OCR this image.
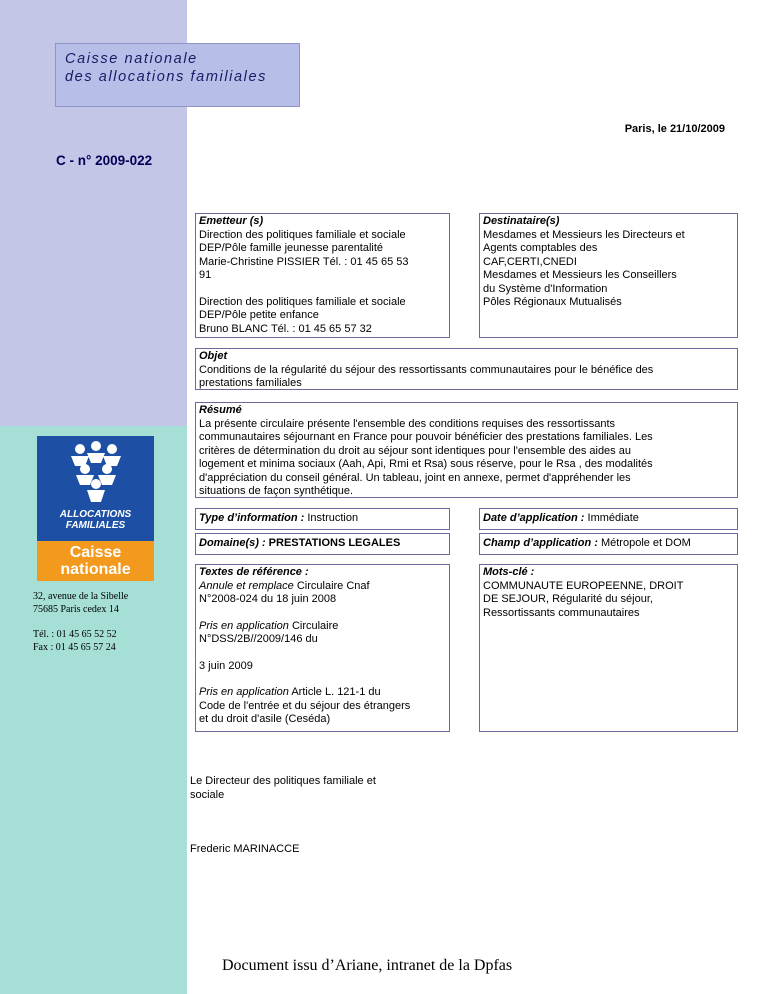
Caisse nationale
des allocations familiales
Paris, le 21/10/2009
C - n° 2009-022

Emetteur (s)

Direction des politiques familiale et sociale

DEP/Pôle famille jeunesse parentalité

Marie-Christine PISSIER Tél. : 01 45 65 53

91

Direction des politiques familiale et sociale

DEP/Pôle petite enfance

Bruno BLANC Tél. : 01 45 65 57 32

Destinataire(s)

Mesdames et Messieurs les Directeurs et

Agents comptables des

CAF,CERTI,CNEDI

Mesdames et Messieurs les Conseillers

du Système d'Information

Pôles Régionaux Mutualisés

Objet

Conditions de la régularité du séjour des ressortissants communautaires pour le bénéfice des

prestations familiales

Résumé

La présente circulaire présente l'ensemble des conditions requises des ressortissants

communautaires séjournant en France pour pouvoir bénéficier des prestations familiales. Les

critères de détermination du droit au séjour sont identiques pour l'ensemble des aides au

logement et minima sociaux (Aah, Api, Rmi et Rsa) sous réserve, pour le Rsa , des modalités

d'appréciation du conseil général. Un tableau, joint en annexe, permet d'appréhender les

situations de façon synthétique.

Type d’information : Instruction	Date d’application : Immédiate
Domaine(s) : PRESTATIONS LEGALES	Champ d’application : Métropole et DOM

Textes de référence :

Annule et remplace Circulaire Cnaf

N°2008-024 du 18 juin 2008

Pris en application Circulaire

N°DSS/2B//2009/146 du

3 juin 2009

Pris en application Article L. 121-1 du

Code de l'entrée et du séjour des étrangers

et du droit d'asile (Ceséda)

Mots-clé :

COMMUNAUTE EUROPEENNE, DROIT

DE SEJOUR, Régularité du séjour,

Ressortissants communautaires

ALLOCATIONS
FAMILIALES
Caisse
nationale
32, avenue de la Sibelle
75685 Paris cedex 14
Tél. : 01 45 65 52 52
Fax : 01 45 65 57 24
Le Directeur des politiques familiale et
sociale
Frederic MARINACCE
Document issu d’Ariane, intranet de la Dpfas
